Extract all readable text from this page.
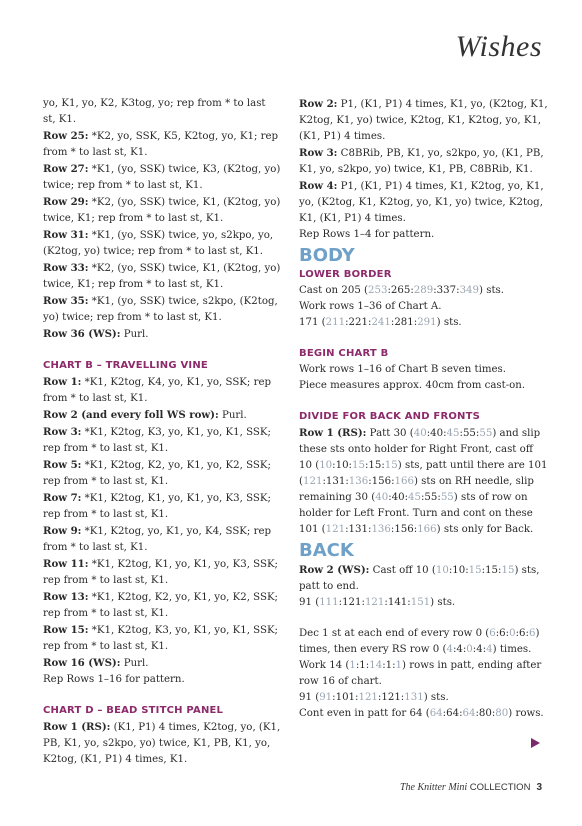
Wishes

yo, K1, yo, K2, K3tog, yo; rep from * to last st, K1.

Row 25: *K2, yo, SSK, K5, K2tog, yo, K1; rep from * to last st, K1.

Row 27: *K1, (yo, SSK) twice, K3, (K2tog, yo) twice; rep from * to last st, K1.

Row 29: *K2, (yo, SSK) twice, K1, (K2tog, yo) twice, K1; rep from * to last st, K1.

Row 31: *K1, (yo, SSK) twice, yo, s2kpo, yo, (K2tog, yo) twice; rep from * to last st, K1.

Row 33: *K2, (yo, SSK) twice, K1, (K2tog, yo) twice, K1; rep from * to last st, K1.

Row 35: *K1, (yo, SSK) twice, s2kpo, (K2tog, yo) twice; rep from * to last st, K1.

Row 36 (WS): Purl.

CHART B – TRAVELLING VINE

Row 1: *K1, K2tog, K4, yo, K1, yo, SSK; rep from * to last st, K1.

Row 2 (and every foll WS row): Purl.

Row 3: *K1, K2tog, K3, yo, K1, yo, K1, SSK; rep from * to last st, K1.

Row 5: *K1, K2tog, K2, yo, K1, yo, K2, SSK; rep from * to last st, K1.

Row 7: *K1, K2tog, K1, yo, K1, yo, K3, SSK; rep from * to last st, K1.

Row 9: *K1, K2tog, yo, K1, yo, K4, SSK; rep from * to last st, K1.

Row 11: *K1, K2tog, K1, yo, K1, yo, K3, SSK; rep from * to last st, K1.

Row 13: *K1, K2tog, K2, yo, K1, yo, K2, SSK; rep from * to last st, K1.

Row 15: *K1, K2tog, K3, yo, K1, yo, K1, SSK; rep from * to last st, K1.

Row 16 (WS): Purl.

Rep Rows 1–16 for pattern.

CHART D – BEAD STITCH PANEL

Row 1 (RS): (K1, P1) 4 times, K2tog, yo, (K1, PB, K1, yo, s2kpo, yo) twice, K1, PB, K1, yo, K2tog, (K1, P1) 4 times, K1.

Row 2: P1, (K1, P1) 4 times, K1, yo, (K2tog, K1, K2tog, K1, yo) twice, K2tog, K1, K2tog, yo, K1, (K1, P1) 4 times.

Row 3: C8BRib, PB, K1, yo, s2kpo, yo, (K1, PB, K1, yo, s2kpo, yo) twice, K1, PB, C8BRib, K1.

Row 4: P1, (K1, P1) 4 times, K1, K2tog, yo, K1, yo, (K2tog, K1, K2tog, yo, K1, yo) twice, K2tog, K1, (K1, P1) 4 times.

Rep Rows 1–4 for pattern.

BODY

LOWER BORDER

Cast on 205 (253:265:289:337:349) sts.

Work rows 1–36 of Chart A.

171 (211:221:241:281:291) sts.

BEGIN CHART B

Work rows 1–16 of Chart B seven times.

Piece measures approx. 40cm from cast-on.

DIVIDE FOR BACK AND FRONTS

Row 1 (RS): Patt 30 (40:40:45:55:55) and slip these sts onto holder for Right Front, cast off 10 (10:10:15:15:15) sts, patt until there are 101 (121:131:136:156:166) sts on RH needle, slip remaining 30 (40:40:45:55:55) sts of row on holder for Left Front. Turn and cont on these 101 (121:131:136:156:166) sts only for Back.

BACK

Row 2 (WS): Cast off 10 (10:10:15:15:15) sts, patt to end.

91 (111:121:121:141:151) sts.

Dec 1 st at each end of every row 0 (6:6:0:6:6) times, then every RS row 0 (4:4:0:4:4) times. Work 14 (1:1:14:1:1) rows in patt, ending after row 16 of chart.

91 (91:101:121:121:131) sts.

Cont even in patt for 64 (64:64:64:80:80) rows.

The Knitter Mini COLLECTION 3
